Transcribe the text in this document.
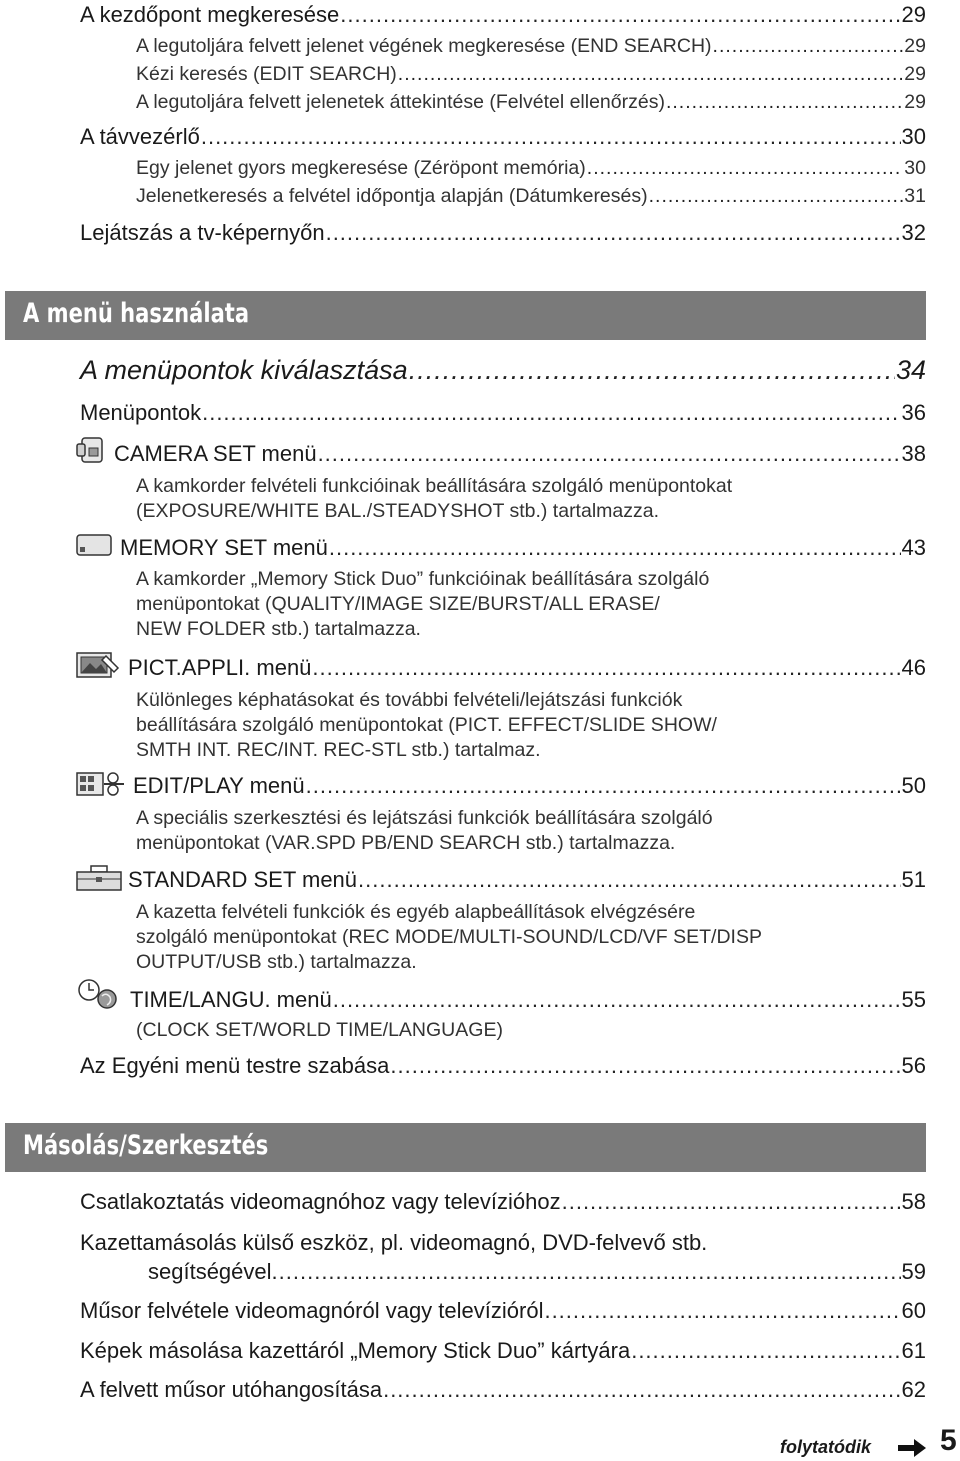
A kezdőpont megkeresése .....	29
A legutoljára felvett jelenet végének megkeresése (END SEARCH) .....	29
Kézi keresés (EDIT SEARCH) .....	29
A legutoljára felvett jelenetek áttekintése (Felvétel ellenőrzés) .....	29
A távvezérlő .....	30
Egy jelenet gyors megkeresése (Zéröpont memória) .....	30
Jelenetkeresés a felvétel időpontja alapján (Dátumkeresés) .....	31
Lejátszás a tv-képernyőn .....	32
A menü használata
A menüpontok kiválasztása .....	34
Menüpontok .....	36
CAMERA SET menü .....	38
A kamkorder felvételi funkcióinak beállítására szolgáló menüpontokat
(EXPOSURE/WHITE BAL./STEADYSHOT stb.) tartalmazza.
MEMORY SET menü .....	43
A kamkorder „Memory Stick Duo” funkcióinak beállítására szolgáló
menüpontokat (QUALITY/IMAGE SIZE/BURST/ALL ERASE/
NEW FOLDER stb.) tartalmazza.
PICT.APPLI. menü .....	46
Különleges képhatásokat és további felvételi/lejátszási funkciók
beállítására szolgáló menüpontokat (PICT. EFFECT/SLIDE SHOW/
SMTH INT. REC/INT. REC-STL stb.) tartalmaz.
EDIT/PLAY menü .....	50
A speciális szerkesztési és lejátszási funkciók beállítására szolgáló
menüpontokat (VAR.SPD PB/END SEARCH stb.) tartalmazza.
STANDARD SET menü .....	51
A kazetta felvételi funkciók és egyéb alapbeállítások elvégzésére
szolgáló menüpontokat (REC MODE/MULTI-SOUND/LCD/VF SET/DISP
OUTPUT/USB stb.) tartalmazza.
TIME/LANGU. menü .....	55
(CLOCK SET/WORLD TIME/LANGUAGE)
Az Egyéni menü testre szabása .....	56
Másolás/Szerkesztés
Csatlakoztatás videomagnóhoz vagy televízióhoz .....	58
Kazettamásolás külső eszköz, pl. videomagnó, DVD-felvevő stb.
segítségével. .....	59
Műsor felvétele videomagnóról vagy televízióról .....	60
Képek másolása kazettáról „Memory Stick Duo” kártyára .....	61
A felvett műsor utóhangosítása .....	62
folytatódik 5
